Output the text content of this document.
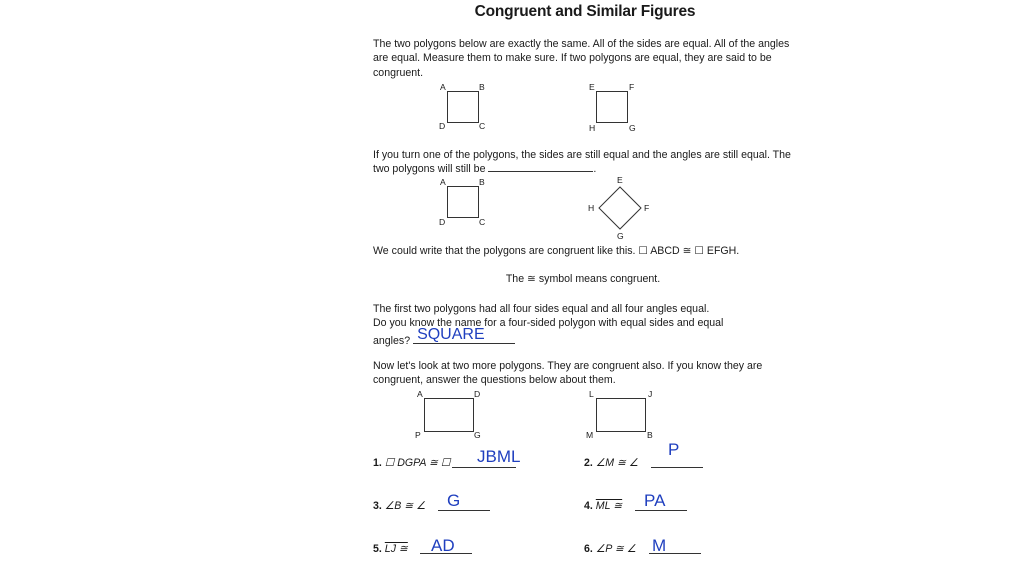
Congruent and Similar Figures
The two polygons below are exactly the same. All of the sides are equal. All of the angles are equal. Measure them to make sure. If two polygons are equal, they are said to be congruent.
A	B
D	C
E	F
H	G
If you turn one of the polygons, the sides are still equal and the angles are still equal. The two polygons will still be	.
A	B
D	C
E
H	F
G
We could write that the polygons are congruent like this. ☐ ABCD ≅ ☐ EFGH.
The ≅ symbol means congruent.
The first two polygons had all four sides equal and all four angles equal.
Do you know the name for a four-sided polygon with equal sides and equal
angles? SQUARE
Now let's look at two more polygons. They are congruent also. If you know they are congruent, answer the questions below about them.
A	D
P	G
L	J
M	B
1. ☐ DGPA ≅ ☐ JBML	2. ∠M ≅ ∠
P
3. ∠B ≅ ∠ G	4. ML ≅ PA
5. LJ ≅ AD	6. ∠P ≅ ∠ M
